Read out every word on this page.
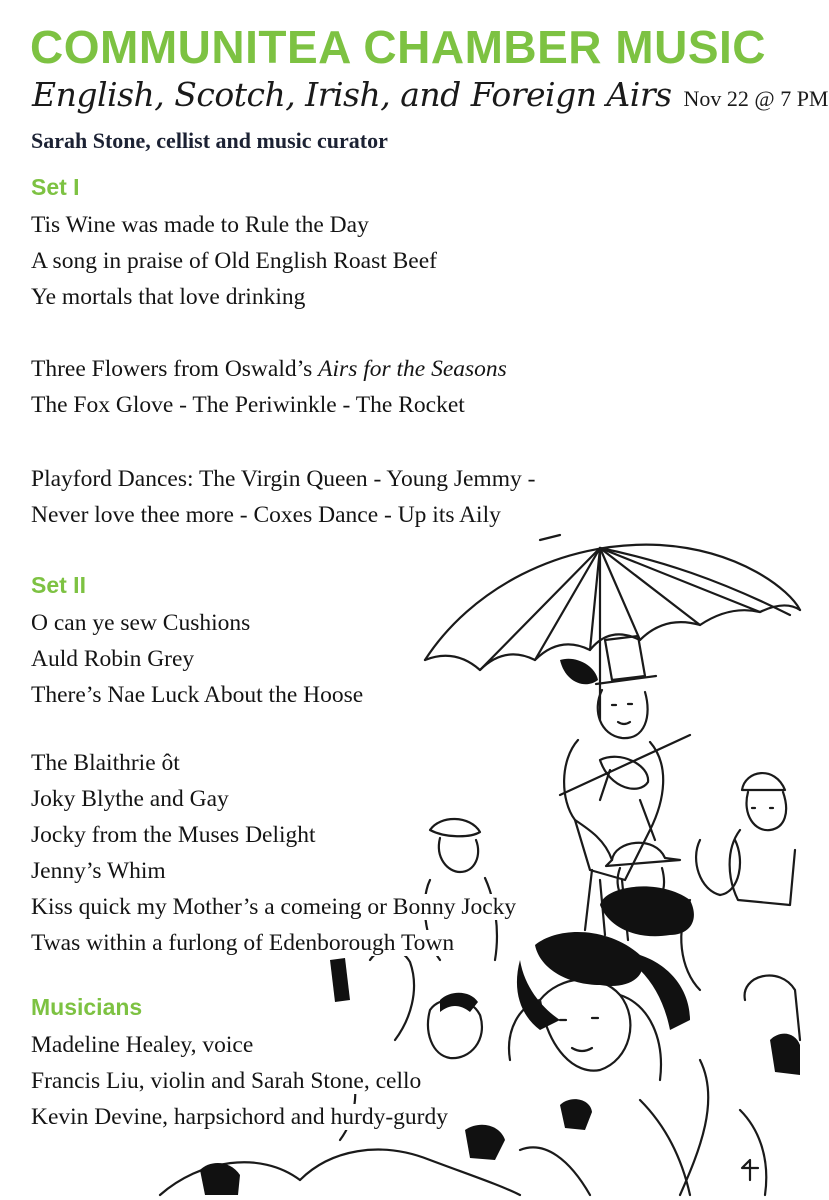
COMMUNITEA CHAMBER MUSIC
English, Scotch, Irish, and Foreign Airs Nov 22 @ 7 PM
Sarah Stone, cellist and music curator
Set I
Tis Wine was made to Rule the Day
A song in praise of Old English Roast Beef
Ye mortals that love drinking
Three Flowers from Oswald’s Airs for the Seasons
The Fox Glove - The Periwinkle - The Rocket
Playford Dances: The Virgin Queen - Young Jemmy -
Never love thee more - Coxes Dance - Up its Aily
Set II
O can ye sew Cushions
Auld Robin Grey
There’s Nae Luck About the Hoose
The Blaithrie ôt
Joky Blythe and Gay
Jocky from the Muses Delight
Jenny’s Whim
Kiss quick my Mother’s a comeing or Bonny Jocky
Twas within a furlong of Edenborough Town
Musicians
Madeline Healey, voice
Francis Liu, violin and Sarah Stone, cello
Kevin Devine, harpsichord and hurdy-gurdy
